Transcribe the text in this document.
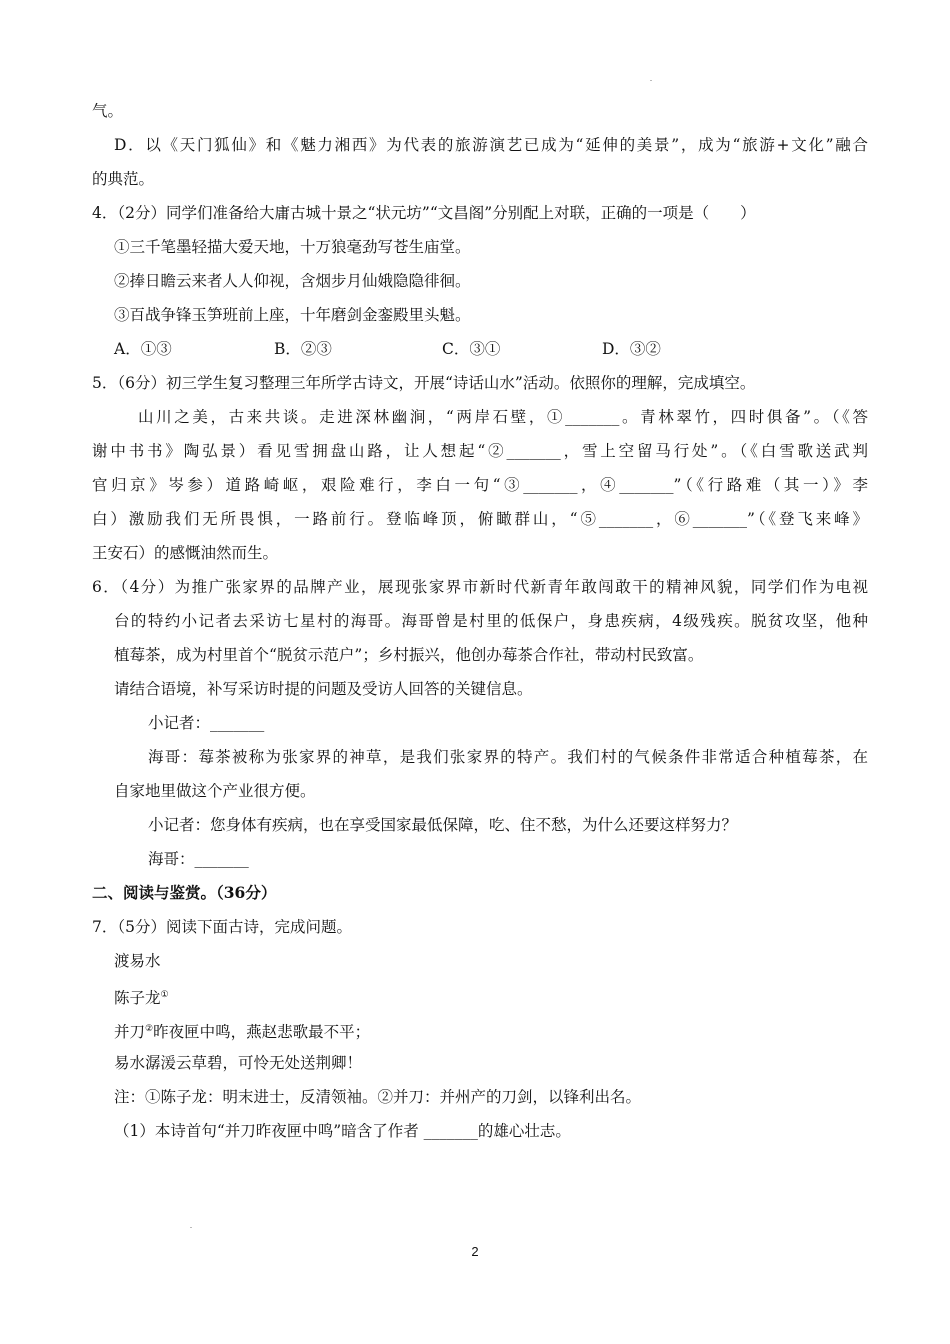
气。

D．以《天门狐仙》和《魅力湘西》为代表的旅游演艺已成为“延伸的美景”，成为“旅游+文化”融合

的典范。

4．（2分）同学们准备给大庸古城十景之“状元坊”“文昌阁”分别配上对联，正确的一项是（　　）

①三千笔墨轻描大爱天地，十万狼毫劲写苍生庙堂。

②捧日瞻云来者人人仰视，含烟步月仙娥隐隐徘徊。

③百战争锋玉笋班前上座，十年磨剑金銮殿里头魁。

A．①③	B．②③	C．③①	D．③②

5．（6分）初三学生复习整理三年所学古诗文，开展“诗话山水”活动。依照你的理解，完成填空。

山川之美，古来共谈。走进深林幽涧，“两岸石壁，①_______。青林翠竹，四时俱备”。（《答

谢中书书》陶弘景）看见雪拥盘山路，让人想起“②_______，雪上空留马行处”。（《白雪歌送武判

官归京》岑参）道路崎岖，艰险难行，李白一句“③_______，④_______”（《行路难（其一）》李

白）激励我们无所畏惧，一路前行。登临峰顶，俯瞰群山，“⑤_______，⑥_______”（《登飞来峰》

王安石）的感慨油然而生。

6．（4分）为推广张家界的品牌产业，展现张家界市新时代新青年敢闯敢干的精神风貌，同学们作为电视

台的特约小记者去采访七星村的海哥。海哥曾是村里的低保户，身患疾病，4级残疾。脱贫攻坚，他种

植莓茶，成为村里首个“脱贫示范户”；乡村振兴，他创办莓茶合作社，带动村民致富。

请结合语境，补写采访时提的问题及受访人回答的关键信息。

小记者：_______

海哥：莓茶被称为张家界的神草，是我们张家界的特产。我们村的气候条件非常适合种植莓茶，在

自家地里做这个产业很方便。

小记者：您身体有疾病，也在享受国家最低保障，吃、住不愁，为什么还要这样努力？

海哥：_______

二、阅读与鉴赏。（36分）

7．（5分）阅读下面古诗，完成问题。

渡易水

陈子龙①

并刀②昨夜匣中鸣，燕赵悲歌最不平；

易水潺湲云草碧，可怜无处送荆卿！

注：①陈子龙：明末进士，反清领袖。②并刀：并州产的刀剑，以锋利出名。

（1）本诗首句“并刀昨夜匣中鸣”暗含了作者 _______的雄心壮志。

2
